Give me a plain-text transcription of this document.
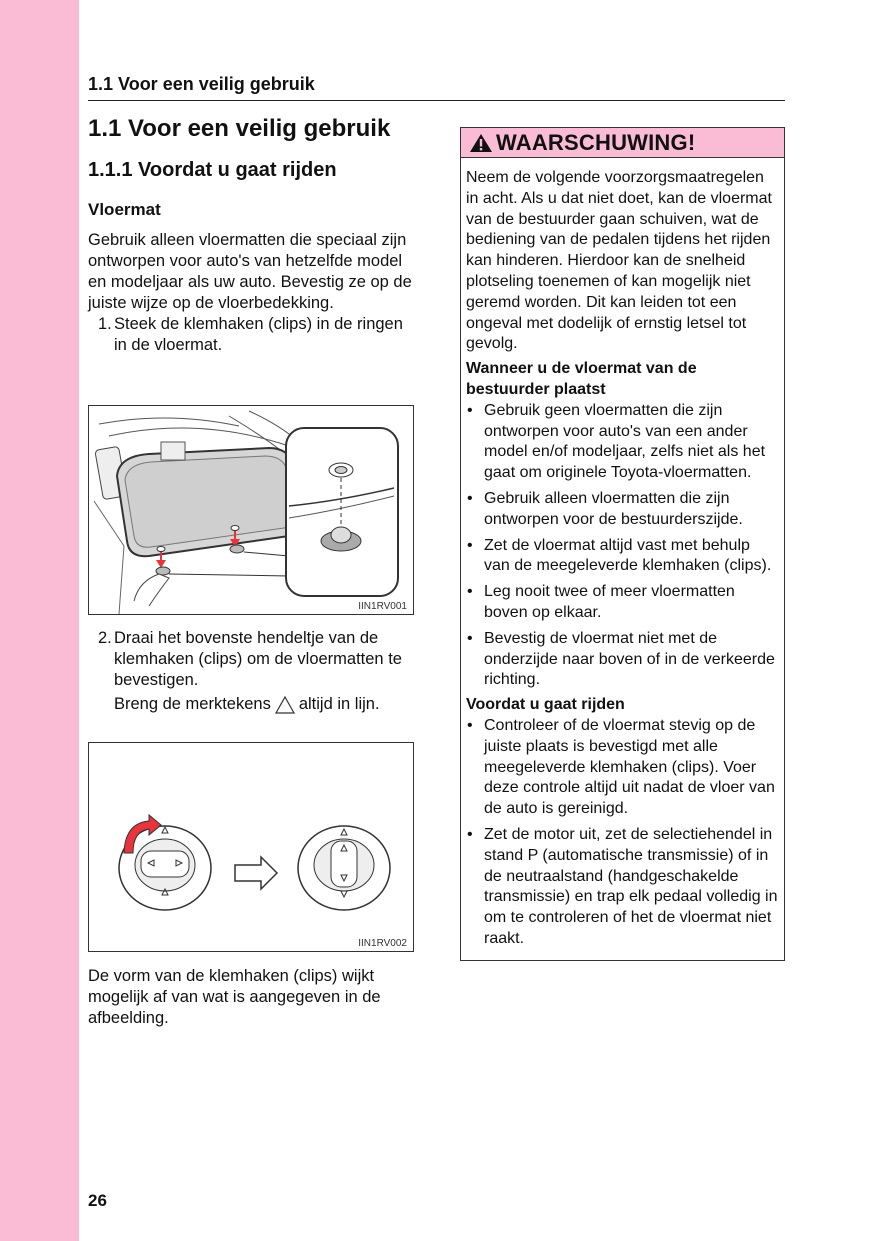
1.1 Voor een veilig gebruik
1.1 Voor een veilig gebruik
1.1.1 Voordat u gaat rijden
Vloermat

Gebruik alleen vloermatten die speciaal zijn ontworpen voor auto's van hetzelfde model en modeljaar als uw auto. Bevestig ze op de juiste wijze op de vloerbedekking.

1. Steek de klemhaken (clips) in de ringen in de vloermat.
IIN1RV001
2. Draai het bovenste hendeltje van de klemhaken (clips) om de vloermatten te bevestigen.
Breng de merktekens altijd in lijn.
IIN1RV002

De vorm van de klemhaken (clips) wijkt mogelijk af van wat is aangegeven in de afbeelding.

WAARSCHUWING!

Neem de volgende voorzorgsmaatregelen in acht. Als u dat niet doet, kan de vloermat van de bestuurder gaan schuiven, wat de bediening van de pedalen tijdens het rijden kan hinderen. Hierdoor kan de snelheid plotseling toenemen of kan mogelijk niet geremd worden. Dit kan leiden tot een ongeval met dodelijk of ernstig letsel tot gevolg.

Wanneer u de vloermat van de bestuurder plaatst
• Gebruik geen vloermatten die zijn ontworpen voor auto's van een ander model en/of modeljaar, zelfs niet als het gaat om originele Toyota-vloermatten.
• Gebruik alleen vloermatten die zijn ontworpen voor de bestuurderszijde.
• Zet de vloermat altijd vast met behulp van de meegeleverde klemhaken (clips).
• Leg nooit twee of meer vloermatten boven op elkaar.
• Bevestig de vloermat niet met de onderzijde naar boven of in de verkeerde richting.
Voordat u gaat rijden
• Controleer of de vloermat stevig op de juiste plaats is bevestigd met alle meegeleverde klemhaken (clips). Voer deze controle altijd uit nadat de vloer van de auto is gereinigd.
• Zet de motor uit, zet de selectiehendel in stand P (automatische transmissie) of in de neutraalstand (handgeschakelde transmissie) en trap elk pedaal volledig in om te controleren of het de vloermat niet raakt.
26
